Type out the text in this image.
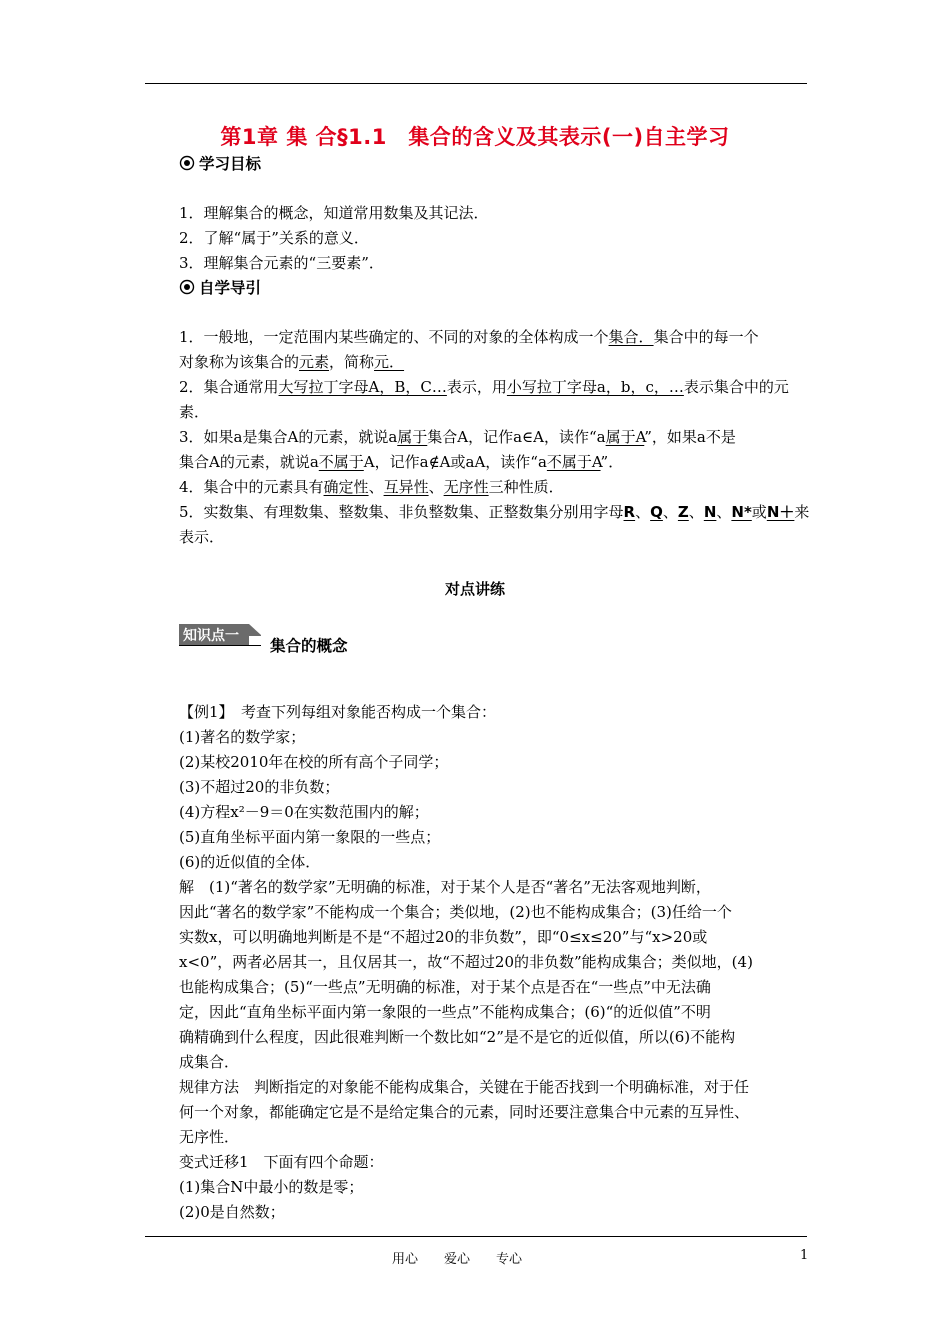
第1章 集 合§1.1　集合的含义及其表示(一)自主学习
学习目标
1．理解集合的概念，知道常用数集及其记法．
2．了解“属于”关系的意义．
3．理解集合元素的“三要素”．
自学导引
1．一般地，一定范围内某些确定的、不同的对象的全体构成一个集合．集合中的每一个
对象称为该集合的元素，简称元．
2．集合通常用大写拉丁字母A，B，C…表示，用小写拉丁字母a，b，c，…表示集合中的元
素．
3．如果a是集合A的元素，就说a属于集合A，记作a∈A，读作“a属于A”，如果a不是
集合A的元素，就说a不属于A，记作a∉A或aA，读作“a不属于A”．
4．集合中的元素具有确定性、互异性、无序性三种性质．
5．实数集、有理数集、整数集、非负整数集、正整数集分别用字母R、Q、Z、N、N*或N＋来
表示．
对点讲练
知识点一
集合的概念
【例1】　考查下列每组对象能否构成一个集合：
(1)著名的数学家；
(2)某校2010年在校的所有高个子同学；
(3)不超过20的非负数；
(4)方程x²－9＝0在实数范围内的解；
(5)直角坐标平面内第一象限的一些点；
(6)的近似值的全体．
解　(1)“著名的数学家”无明确的标准，对于某个人是否“著名”无法客观地判断，
因此“著名的数学家”不能构成一个集合；类似地，(2)也不能构成集合；(3)任给一个
实数x，可以明确地判断是不是“不超过20的非负数”，即“0≤x≤20”与“x>20或
x<0”，两者必居其一，且仅居其一，故“不超过20的非负数”能构成集合；类似地，(4)
也能构成集合；(5)“一些点”无明确的标准，对于某个点是否在“一些点”中无法确
定，因此“直角坐标平面内第一象限的一些点”不能构成集合；(6)“的近似值”不明
确精确到什么程度，因此很难判断一个数比如“2”是不是它的近似值，所以(6)不能构
成集合．
规律方法　判断指定的对象能不能构成集合，关键在于能否找到一个明确标准，对于任
何一个对象，都能确定它是不是给定集合的元素，同时还要注意集合中元素的互异性、
无序性．
变式迁移1　下面有四个命题：
(1)集合N中最小的数是零；
(2)0是自然数；
用心　　爱心　　专心	1
